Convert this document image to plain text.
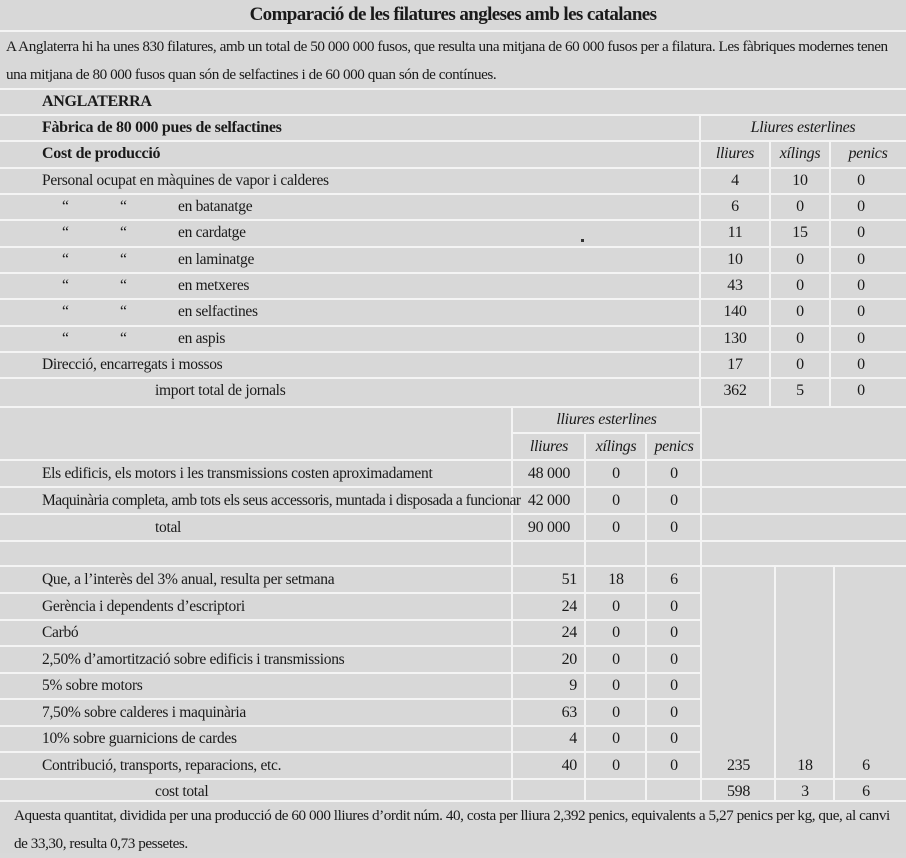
Comparació de les filatures angleses amb les catalanes
A Anglaterra hi ha unes 830 filatures, amb un total de 50 000 000 fusos, que resulta una mitjana de 60 000 fusos per a filatura. Les fàbriques modernes tenen una mitjana de 80 000 fusos quan són de selfactines i de 60 000 quan són de contínues.
ANGLATERRA
Fàbrica de 80 000 pues de selfactines	Lliures esterlines
Cost de producció	lliures	xílings	penics
Personal ocupat en màquines de vapor i calderes	4	10	0
“	“	en batanatge	6	0	0
“	“	en cardatge	11	15	0
“	“	en laminatge	10	0	0
“	“	en metxeres	43	0	0
“	“	en selfactines	140	0	0
“	“	en aspis	130	0	0
Direcció, encarregats i mossos	17	0	0
import total de jornals	362	5	0
lliures esterlines
lliures	xílings	penics
Els edificis, els motors i les transmissions costen aproximadament	48 000	0	0
Maquinària completa, amb tots els seus accessoris, muntada i disposada a funcionar 42 000	0	0
total	90 000	0	0
Que, a l’interès del 3% anual, resulta per setmana	51	18	6
Gerència i dependents d’escriptori	24	0	0
Carbó	24	0	0
2,50% d’amortització sobre edificis i transmissions	20	0	0
5% sobre motors	9	0	0
7,50% sobre calderes i maquinària	63	0	0
10% sobre guarnicions de cardes	4	0	0
Contribució, transports, reparacions, etc.	40	0	0	235	18	6
cost total	598	3	6
Aquesta quantitat, dividida per una producció de 60 000 lliures d’ordit núm. 40, costa per lliura 2,392 penics, equivalents a 5,27 penics per kg, que, al canvi de 33,30, resulta 0,73 pessetes.
